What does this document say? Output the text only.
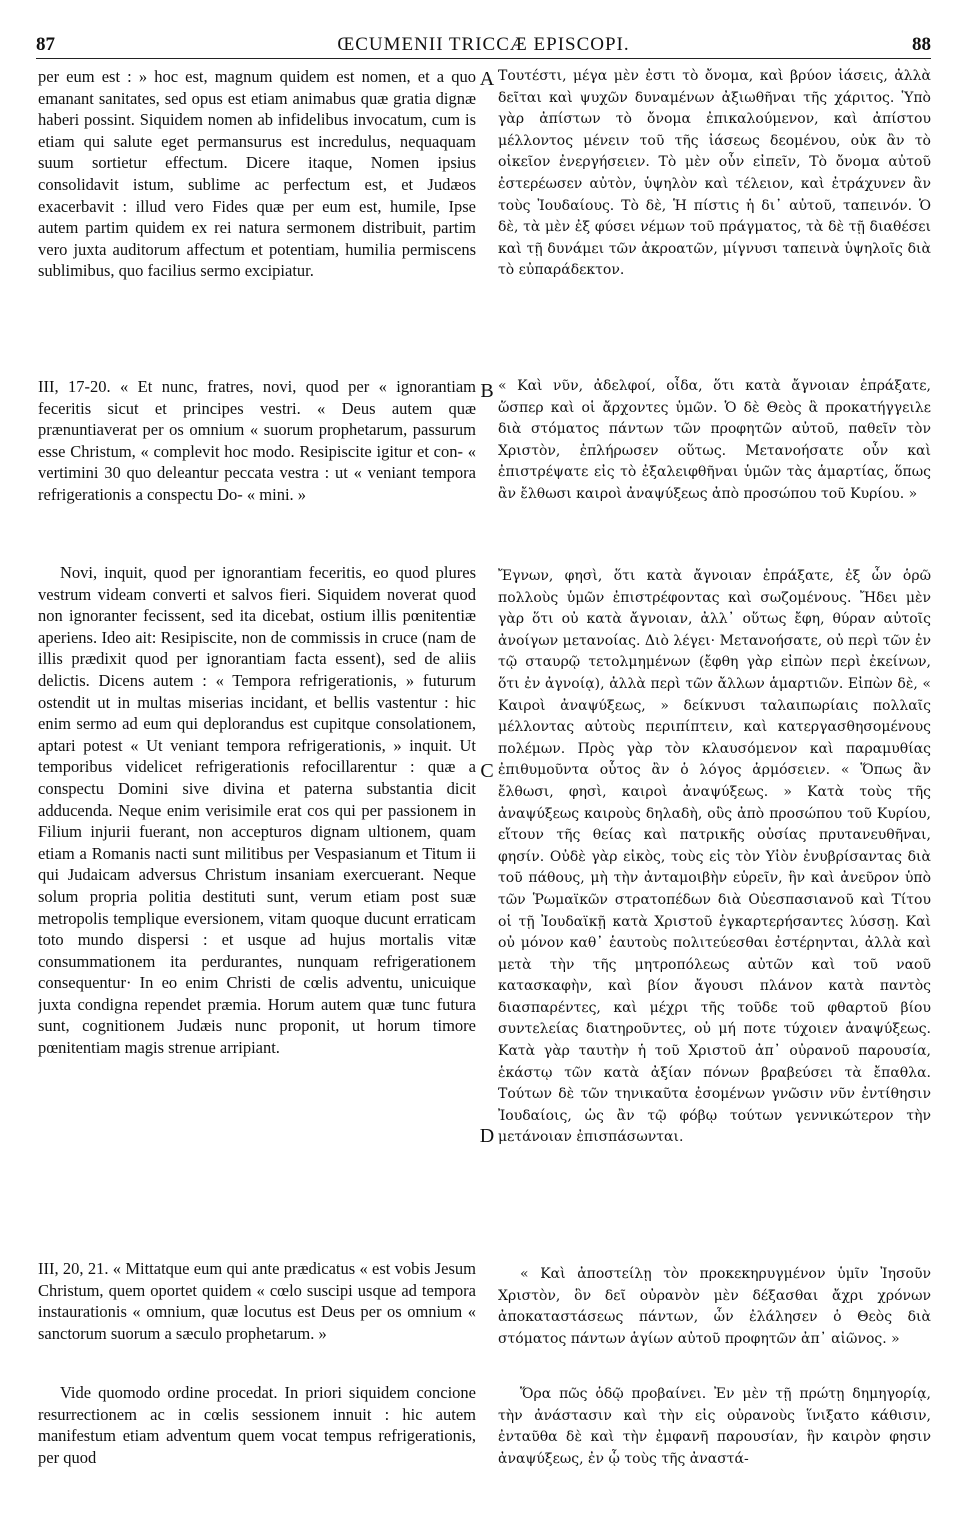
87	ŒCUMENII TRICCÆ EPISCOPI.	88

per eum est : » hoc est, magnum quidem est nomen, et a quo emanant sanitates, sed opus est etiam animabus quæ gratia dignæ haberi possint. Siquidem nomen ab infidelibus invocatum, cum is etiam qui salute eget permansurus est incredulus, nequaquam suum sortietur effectum. Dicere itaque, Nomen ipsius consolidavit istum, sublime ac perfectum est, et Judæos exacerbavit : illud vero Fides quæ per eum est, humile, Ipse autem partim quidem ex rei natura sermonem distribuit, partim vero juxta auditorum affectum et potentiam, humilia permiscens sublimibus, quo facilius sermo excipiatur.

A Τουτέστι, μέγα μὲν ἐστι τὸ ὄνομα, καὶ βρύον ἰάσεις, ἀλλὰ δεῖται καὶ ψυχῶν δυναμένων ἀξιωθῆναι τῆς χάριτος. Ὑπὸ γὰρ ἀπίστων τὸ ὄνομα ἐπικαλούμενον, καὶ ἀπίστου μέλλοντος μένειν τοῦ τῆς ἰάσεως δεομένου, οὐκ ἂν τὸ οἰκεῖον ἐνεργήσειεν. Τὸ μὲν οὖν εἰπεῖν, Τὸ ὄνομα αὐτοῦ ἐστερέωσεν αὐτὸν, ὑψηλὸν καὶ τέλειον, καὶ ἐτράχυνεν ἂν τοὺς Ἰουδαίους. Τὸ δὲ, Ἡ πίστις ἡ δι᾽ αὐτοῦ, ταπεινόν. Ὁ δὲ, τὰ μὲν ἐξ φύσει νέμων τοῦ πράγματος, τὰ δὲ τῇ διαθέσει καὶ τῇ δυνάμει τῶν ἀκροατῶν, μίγνυσι ταπεινὰ ὑψηλοῖς διὰ τὸ εὐπαράδεκτον.

III, 17-20. « Et nunc, fratres, novi, quod per « ignorantiam feceritis sicut et principes vestri. « Deus autem quæ prænuntiaverat per os omnium « suorum prophetarum, passurum esse Christum, « complevit hoc modo. Resipiscite igitur et con- « vertimini 30 quo deleantur peccata vestra : ut « veniant tempora refrigerationis a conspectu Do- « mini. »

B « Καὶ νῦν, ἀδελφοί, οἶδα, ὅτι κατὰ ἄγνοιαν ἐπράξατε, ὥσπερ καὶ οἱ ἄρχοντες ὑμῶν. Ὁ δὲ Θεὸς ἃ προκατήγγειλε διὰ στόματος πάντων τῶν προφητῶν αὐτοῦ, παθεῖν τὸν Χριστὸν, ἐπλήρωσεν οὕτως. Μετανοήσατε οὖν καὶ ἐπιστρέψατε εἰς τὸ ἐξαλειφθῆναι ὑμῶν τὰς ἁμαρτίας, ὅπως ἂν ἔλθωσι καιροὶ ἀναψύξεως ἀπὸ προσώπου τοῦ Κυρίου. »

Novi, inquit, quod per ignorantiam feceritis, eo quod plures vestrum videam converti et salvos fieri. Siquidem noverat quod non ignoranter fecissent, sed ita dicebat, ostium illis pœnitentiæ aperiens. Ideo ait: Resipiscite, non de commissis in cruce (nam de illis prædixit quod per ignorantiam facta essent), sed de aliis delictis. Dicens autem : « Tempora refrigerationis, » futurum ostendit ut in multas miserias incidant, et bellis vastentur : hic enim sermo ad eum qui deplorandus est cupitque consolationem, aptari potest « Ut veniant tempora refrigerationis, » inquit. Ut temporibus videlicet refrigerationis refocillarentur : quæ a conspectu Domini sive divina et paterna substantia dicit adducenda. Neque enim verisimile erat cos qui per passionem in Filium injurii fuerant, non accepturos dignam ultionem, quam etiam a Romanis nacti sunt militibus per Vespasianum et Titum ii qui Judaicam adversus Christum insaniam exercuerant. Neque solum propria politia destituti sunt, verum etiam post suæ metropolis templique eversionem, vitam quoque ducunt erraticam toto mundo dispersi : et usque ad hujus mortalis vitæ consummationem ita perdurantes, nunquam refrigerationem consequentur· In eo enim Christi de cœlis adventu, unicuique juxta condigna rependet præmia. Horum autem quæ tunc futura sunt, cognitionem Judæis nunc proponit, ut horum timore pœnitentiam magis strenue arripiant.

C
D

Ἔγνων, φησὶ, ὅτι κατὰ ἄγνοιαν ἐπράξατε, ἐξ ὧν ὁρῶ πολλοὺς ὑμῶν ἐπιστρέφοντας καὶ σωζομένους. Ἤδει μὲν γὰρ ὅτι οὐ κατὰ ἄγνοιαν, ἀλλ᾽ οὕτως ἔφη, θύραν αὐτοῖς ἀνοίγων μετανοίας. Διὸ λέγει· Μετανοήσατε, οὐ περὶ τῶν ἐν τῷ σταυρῷ τετολμημένων (ἔφθη γὰρ εἰπὼν περὶ ἐκείνων, ὅτι ἐν ἀγνοίᾳ), ἀλλὰ περὶ τῶν ἄλλων ἁμαρτιῶν. Εἰπὼν δὲ, « Καιροὶ ἀναψύξεως, » δείκνυσι ταλαιπωρίαις πολλαῖς μέλλοντας αὐτοὺς περιπίπτειν, καὶ κατεργασθησομένους πολέμων. Πρὸς γὰρ τὸν κλαυσόμενον καὶ παραμυθίας ἐπιθυμοῦντα οὗτος ἂν ὁ λόγος ἁρμόσειεν. « Ὅπως ἂν ἔλθωσι, φησὶ, καιροὶ ἀναψύξεως. » Κατὰ τοὺς τῆς ἀναψύξεως καιροὺς δηλαδὴ, οὓς ἀπὸ προσώπου τοῦ Κυρίου, εἴτουν τῆς θείας καὶ πατρικῆς οὐσίας πρυτανευθῆναι, φησίν. Οὐδὲ γὰρ εἰκὸς, τοὺς εἰς τὸν Υἱὸν ἐνυβρίσαντας διὰ τοῦ πάθους, μὴ τὴν ἀνταμοιβὴν εὑρεῖν, ἣν καὶ ἀνεῦρον ὑπὸ τῶν Ῥωμαϊκῶν στρατοπέδων διὰ Οὐεσπασιανοῦ καὶ Τίτου οἱ τῇ Ἰουδαϊκῇ κατὰ Χριστοῦ ἐγκαρτερήσαντες λύσσῃ. Καὶ οὐ μόνον καθ᾽ ἑαυτοὺς πολιτεύεσθαι ἐστέρηνται, ἀλλὰ καὶ μετὰ τὴν τῆς μητροπόλεως αὐτῶν καὶ τοῦ ναοῦ κατασκαφὴν, καὶ βίον ἄγουσι πλάνον κατὰ παντὸς διασπαρέντες, καὶ μέχρι τῆς τοῦδε τοῦ φθαρτοῦ βίου συντελείας διατηροῦντες, οὐ μή ποτε τύχοιεν ἀναψύξεως. Κατὰ γὰρ ταυτὴν ἡ τοῦ Χριστοῦ ἀπ᾽ οὐρανοῦ παρουσία, ἑκάστῳ τῶν κατὰ ἀξίαν πόνων βραβεύσει τὰ ἔπαθλα. Τούτων δὲ τῶν τηνικαῦτα ἐσομένων γνῶσιν νῦν ἐντίθησιν Ἰουδαίοις, ὡς ἂν τῷ φόβῳ τούτων γεννικώτερον τὴν μετάνοιαν ἐπισπάσωνται.

III, 20, 21. « Mittatque eum qui ante prædicatus « est vobis Jesum Christum, quem oportet quidem « cœlo suscipi usque ad tempora instaurationis « omnium, quæ locutus est Deus per os omnium « sanctorum suorum a sæculo prophetarum. »

« Καὶ ἀποστείλῃ τὸν προκεκηρυγμένον ὑμῖν Ἰησοῦν Χριστὸν, ὃν δεῖ οὐρανὸν μὲν δέξασθαι ἄχρι χρόνων ἀποκαταστάσεως πάντων, ὧν ἐλάλησεν ὁ Θεὸς διὰ στόματος πάντων ἁγίων αὐτοῦ προφητῶν ἀπ᾽ αἰῶνος. »

Vide quomodo ordine procedat. In priori siquidem concione resurrectionem ac in cœlis sessionem innuit : hic autem manifestum etiam adventum quem vocat tempus refrigerationis, per quod

Ὅρα πῶς ὁδῷ προβαίνει. Ἐν μὲν τῇ πρώτῃ δημηγορίᾳ, τὴν ἀνάστασιν καὶ τὴν εἰς οὐρανοὺς ἵνιξατο κάθισιν, ἐνταῦθα δὲ καὶ τὴν ἐμφανῆ παρουσίαν, ἣν καιρὸν φησιν ἀναψύξεως, ἐν ᾧ τοὺς τῆς ἀναστά-
